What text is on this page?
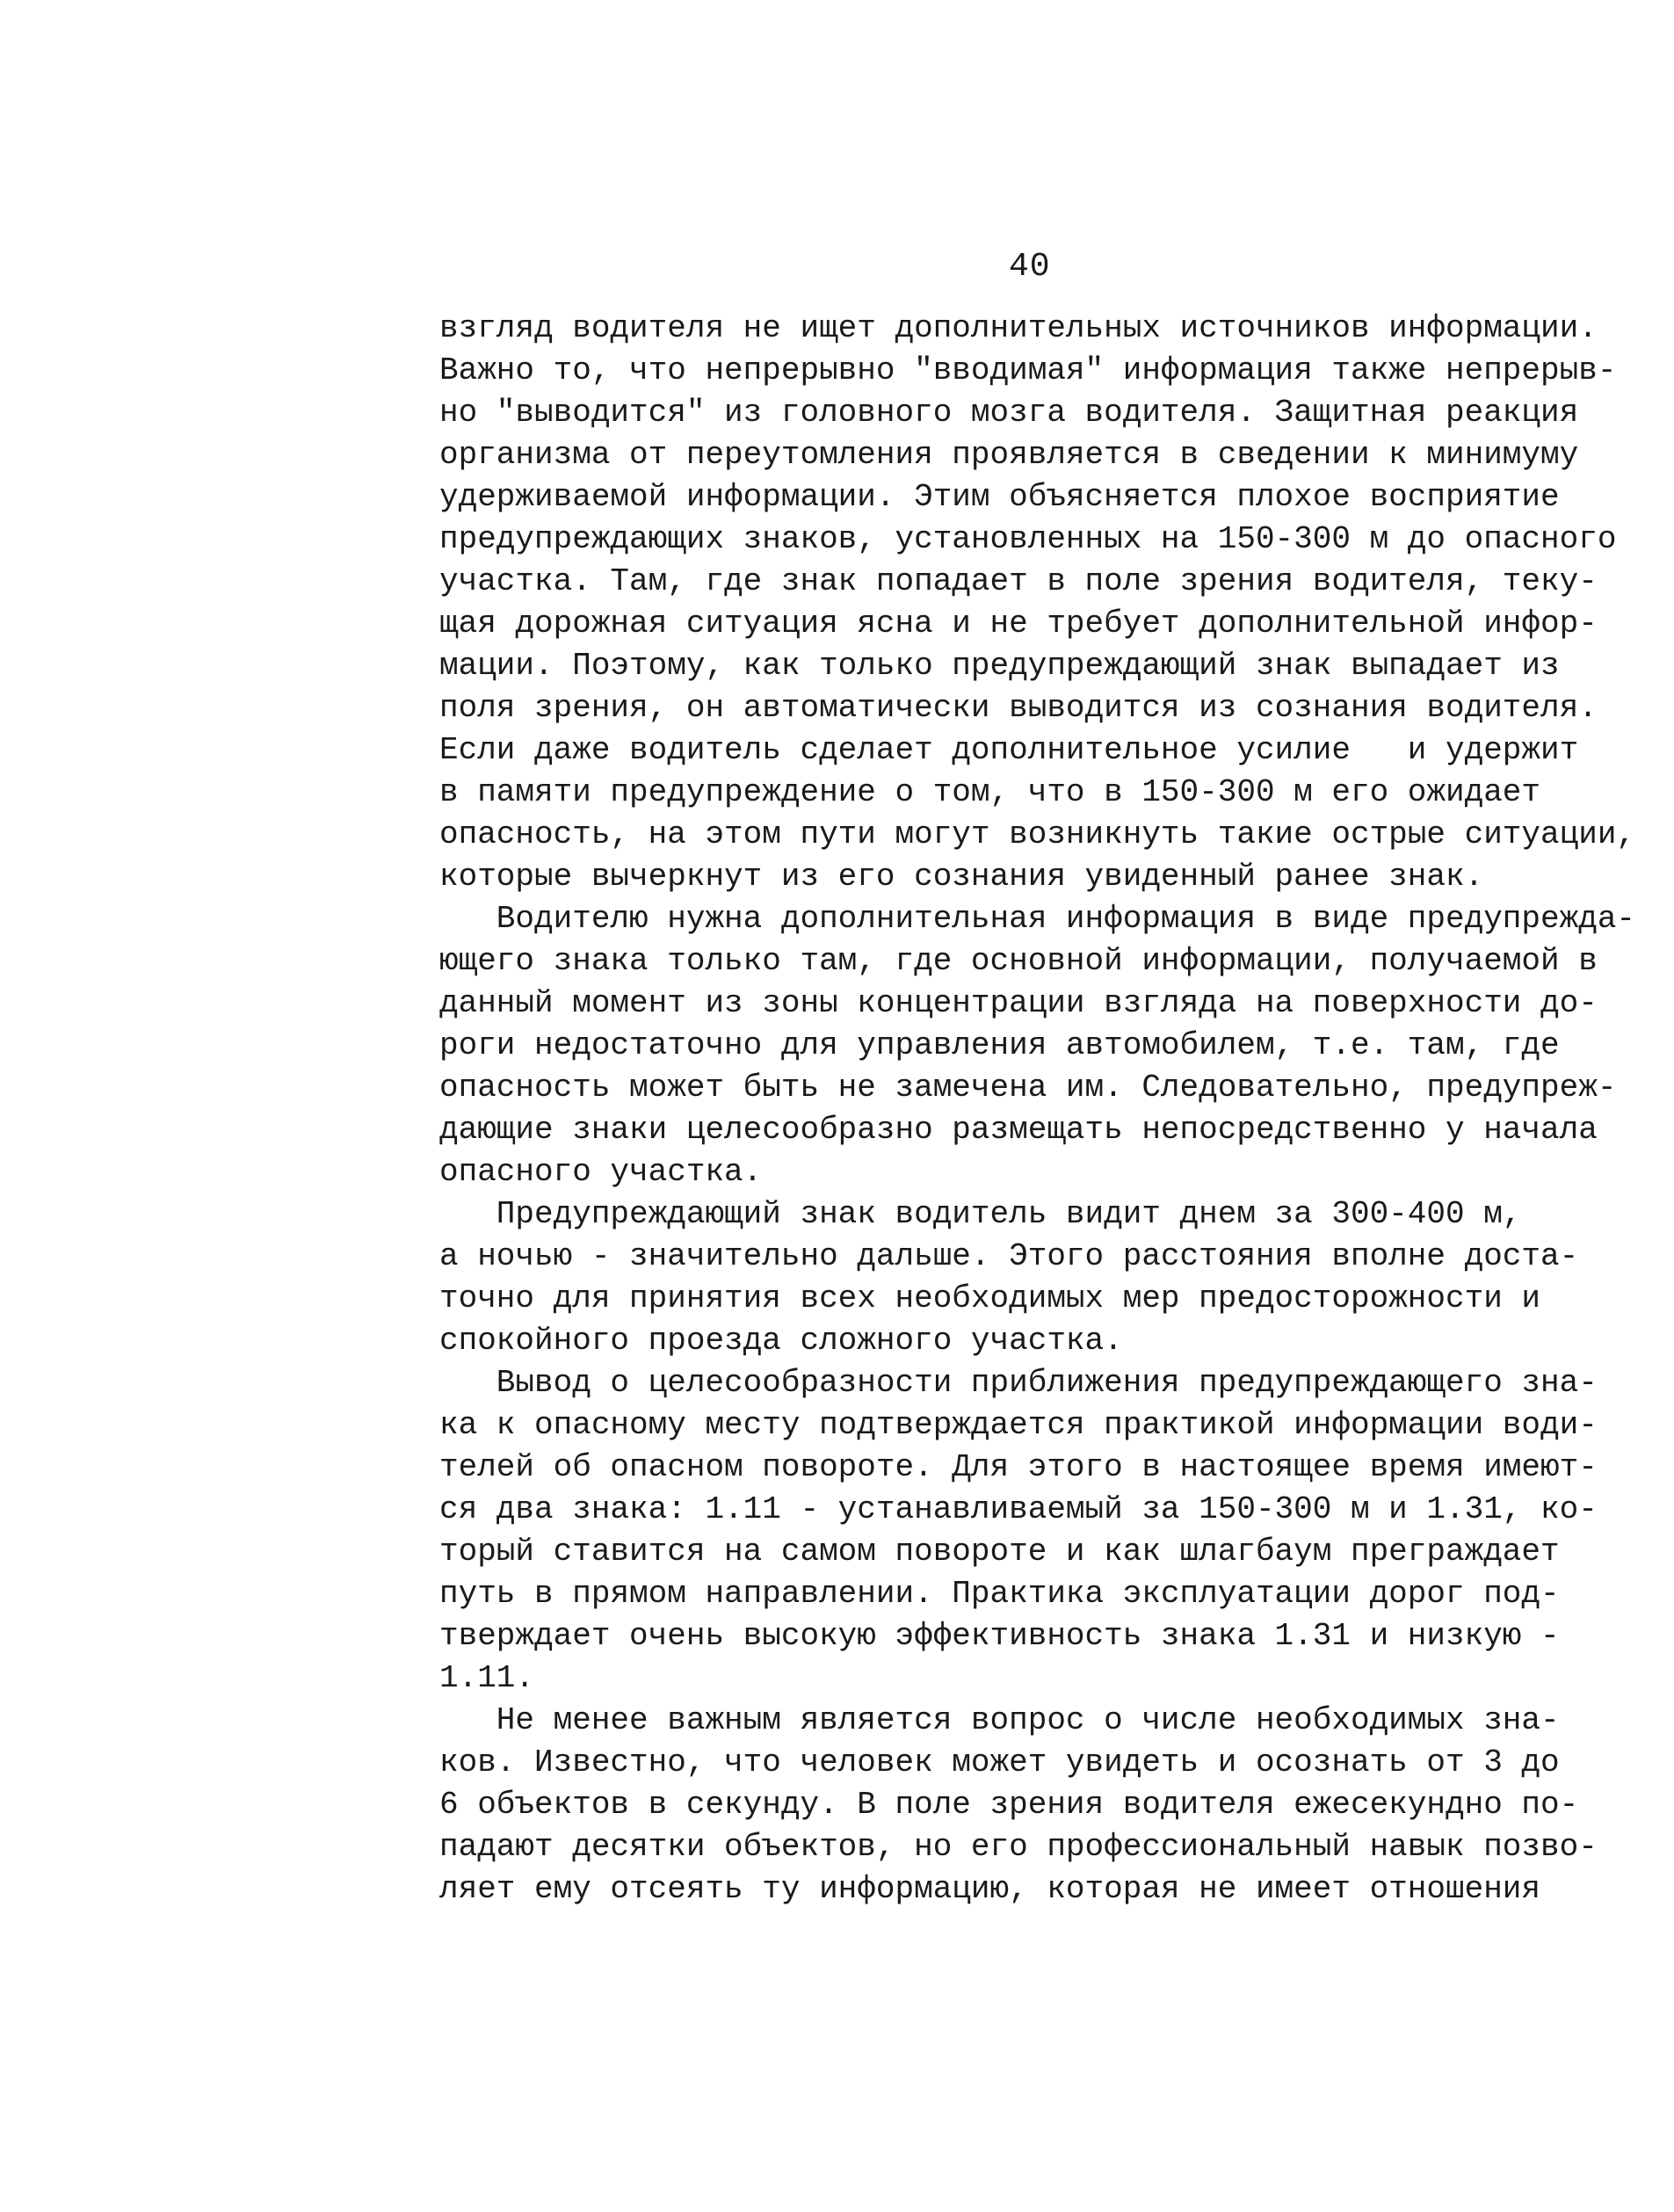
40
взгляд водителя не ищет дополнительных источников информации.
Важно то, что непрерывно "вводимая" информация также непрерыв-
но "выводится" из головного мозга водителя. Защитная реакция
организма от переутомления проявляется в сведении к минимуму
удерживаемой информации. Этим объясняется плохое восприятие
предупреждающих знаков, установленных на 150-300 м до опасного
участка. Там, где знак попадает в поле зрения водителя, теку-
щая дорожная ситуация ясна и не требует дополнительной инфор-
мации. Поэтому, как только предупреждающий знак выпадает из
поля зрения, он автоматически выводится из сознания водителя.
Если даже водитель сделает дополнительное усилие   и удержит
в памяти предупреждение о том, что в 150-300 м его ожидает
опасность, на этом пути могут возникнуть такие острые ситуации,
которые вычеркнут из его сознания увиденный ранее знак.
Водителю нужна дополнительная информация в виде предупрежда-
ющего знака только там, где основной информации, получаемой в
данный момент из зоны концентрации взгляда на поверхности до-
роги недостаточно для управления автомобилем, т.е. там, где
опасность может быть не замечена им. Следовательно, предупреж-
дающие знаки целесообразно размещать непосредственно у начала
опасного участка.
Предупреждающий знак водитель видит днем за 300-400 м,
а ночью - значительно дальше. Этого расстояния вполне доста-
точно для принятия всех необходимых мер предосторожности и
спокойного проезда сложного участка.
Вывод о целесообразности приближения предупреждающего зна-
ка к опасному месту подтверждается практикой информации води-
телей об опасном повороте. Для этого в настоящее время имеют-
ся два знака: 1.11 - устанавливаемый за 150-300 м и 1.31, ко-
торый ставится на самом повороте и как шлагбаум преграждает
путь в прямом направлении. Практика эксплуатации дорог под-
тверждает очень высокую эффективность знака 1.31 и низкую -
1.11.
Не менее важным является вопрос о числе необходимых зна-
ков. Известно, что человек может увидеть и осознать от 3 до
6 объектов в секунду. В поле зрения водителя ежесекундно по-
падают десятки объектов, но его профессиональный навык позво-
ляет ему отсеять ту информацию, которая не имеет отношения
